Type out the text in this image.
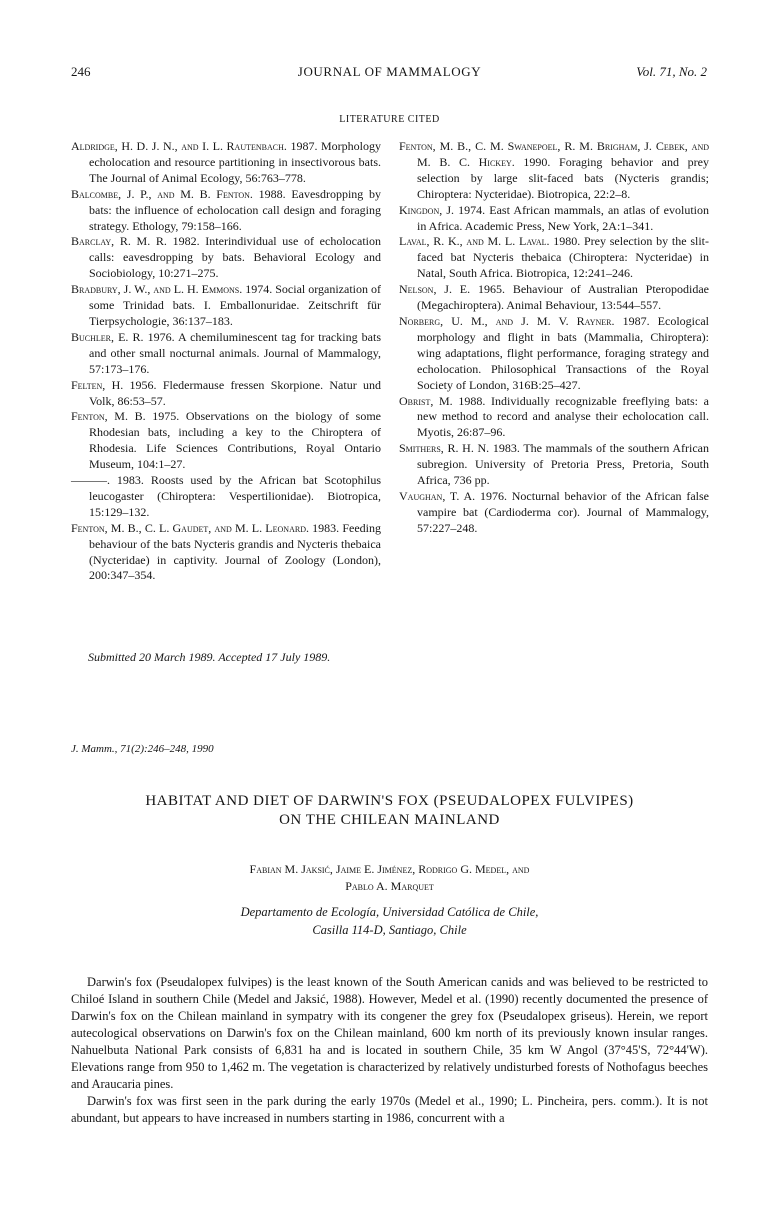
246	JOURNAL OF MAMMALOGY	Vol. 71, No. 2
LITERATURE CITED

Aldridge, H. D. J. N., and I. L. Rautenbach. 1987. Morphology echolocation and resource partitioning in insectivorous bats. The Journal of Animal Ecology, 56:763–778.

Balcombe, J. P., and M. B. Fenton. 1988. Eavesdropping by bats: the influence of echolocation call design and foraging strategy. Ethology, 79:158–166.

Barclay, R. M. R. 1982. Interindividual use of echolocation calls: eavesdropping by bats. Behavioral Ecology and Sociobiology, 10:271–275.

Bradbury, J. W., and L. H. Emmons. 1974. Social organization of some Trinidad bats. I. Emballonuridae. Zeitschrift für Tierpsychologie, 36:137–183.

Buchler, E. R. 1976. A chemiluminescent tag for tracking bats and other small nocturnal animals. Journal of Mammalogy, 57:173–176.

Felten, H. 1956. Fledermause fressen Skorpione. Natur und Volk, 86:53–57.

Fenton, M. B. 1975. Observations on the biology of some Rhodesian bats, including a key to the Chiroptera of Rhodesia. Life Sciences Contributions, Royal Ontario Museum, 104:1–27.

———. 1983. Roosts used by the African bat Scotophilus leucogaster (Chiroptera: Vespertilionidae). Biotropica, 15:129–132.

Fenton, M. B., C. L. Gaudet, and M. L. Leonard. 1983. Feeding behaviour of the bats Nycteris grandis and Nycteris thebaica (Nycteridae) in captivity. Journal of Zoology (London), 200:347–354.

Fenton, M. B., C. M. Swanepoel, R. M. Brigham, J. Cebek, and M. B. C. Hickey. 1990. Foraging behavior and prey selection by large slit-faced bats (Nycteris grandis; Chiroptera: Nycteridae). Biotropica, 22:2–8.

Kingdon, J. 1974. East African mammals, an atlas of evolution in Africa. Academic Press, New York, 2A:1–341.

Laval, R. K., and M. L. Laval. 1980. Prey selection by the slit-faced bat Nycteris thebaica (Chiroptera: Nycteridae) in Natal, South Africa. Biotropica, 12:241–246.

Nelson, J. E. 1965. Behaviour of Australian Pteropodidae (Megachiroptera). Animal Behaviour, 13:544–557.

Norberg, U. M., and J. M. V. Rayner. 1987. Ecological morphology and flight in bats (Mammalia, Chiroptera): wing adaptations, flight performance, foraging strategy and echolocation. Philosophical Transactions of the Royal Society of London, 316B:25–427.

Obrist, M. 1988. Individually recognizable freeflying bats: a new method to record and analyse their echolocation call. Myotis, 26:87–96.

Smithers, R. H. N. 1983. The mammals of the southern African subregion. University of Pretoria Press, Pretoria, South Africa, 736 pp.

Vaughan, T. A. 1976. Nocturnal behavior of the African false vampire bat (Cardioderma cor). Journal of Mammalogy, 57:227–248.

Submitted 20 March 1989. Accepted 17 July 1989.
J. Mamm., 71(2):246–248, 1990
HABITAT AND DIET OF DARWIN'S FOX (PSEUDALOPEX FULVIPES)
ON THE CHILEAN MAINLAND
Fabian M. Jaksić, Jaime E. Jiménez, Rodrigo G. Medel, and
Pablo A. Marquet
Departamento de Ecología, Universidad Católica de Chile,
Casilla 114-D, Santiago, Chile

Darwin's fox (Pseudalopex fulvipes) is the least known of the South American canids and was believed to be restricted to Chiloé Island in southern Chile (Medel and Jaksić, 1988). However, Medel et al. (1990) recently documented the presence of Darwin's fox on the Chilean mainland in sympatry with its congener the grey fox (Pseudalopex griseus). Herein, we report autecological observations on Darwin's fox on the Chilean mainland, 600 km north of its previously known insular ranges. Nahuelbuta National Park consists of 6,831 ha and is located in southern Chile, 35 km W Angol (37°45'S, 72°44'W). Elevations range from 950 to 1,462 m. The vegetation is characterized by relatively undisturbed forests of Nothofagus beeches and Araucaria pines.

Darwin's fox was first seen in the park during the early 1970s (Medel et al., 1990; L. Pincheira, pers. comm.). It is not abundant, but appears to have increased in numbers starting in 1986, concurrent with a
